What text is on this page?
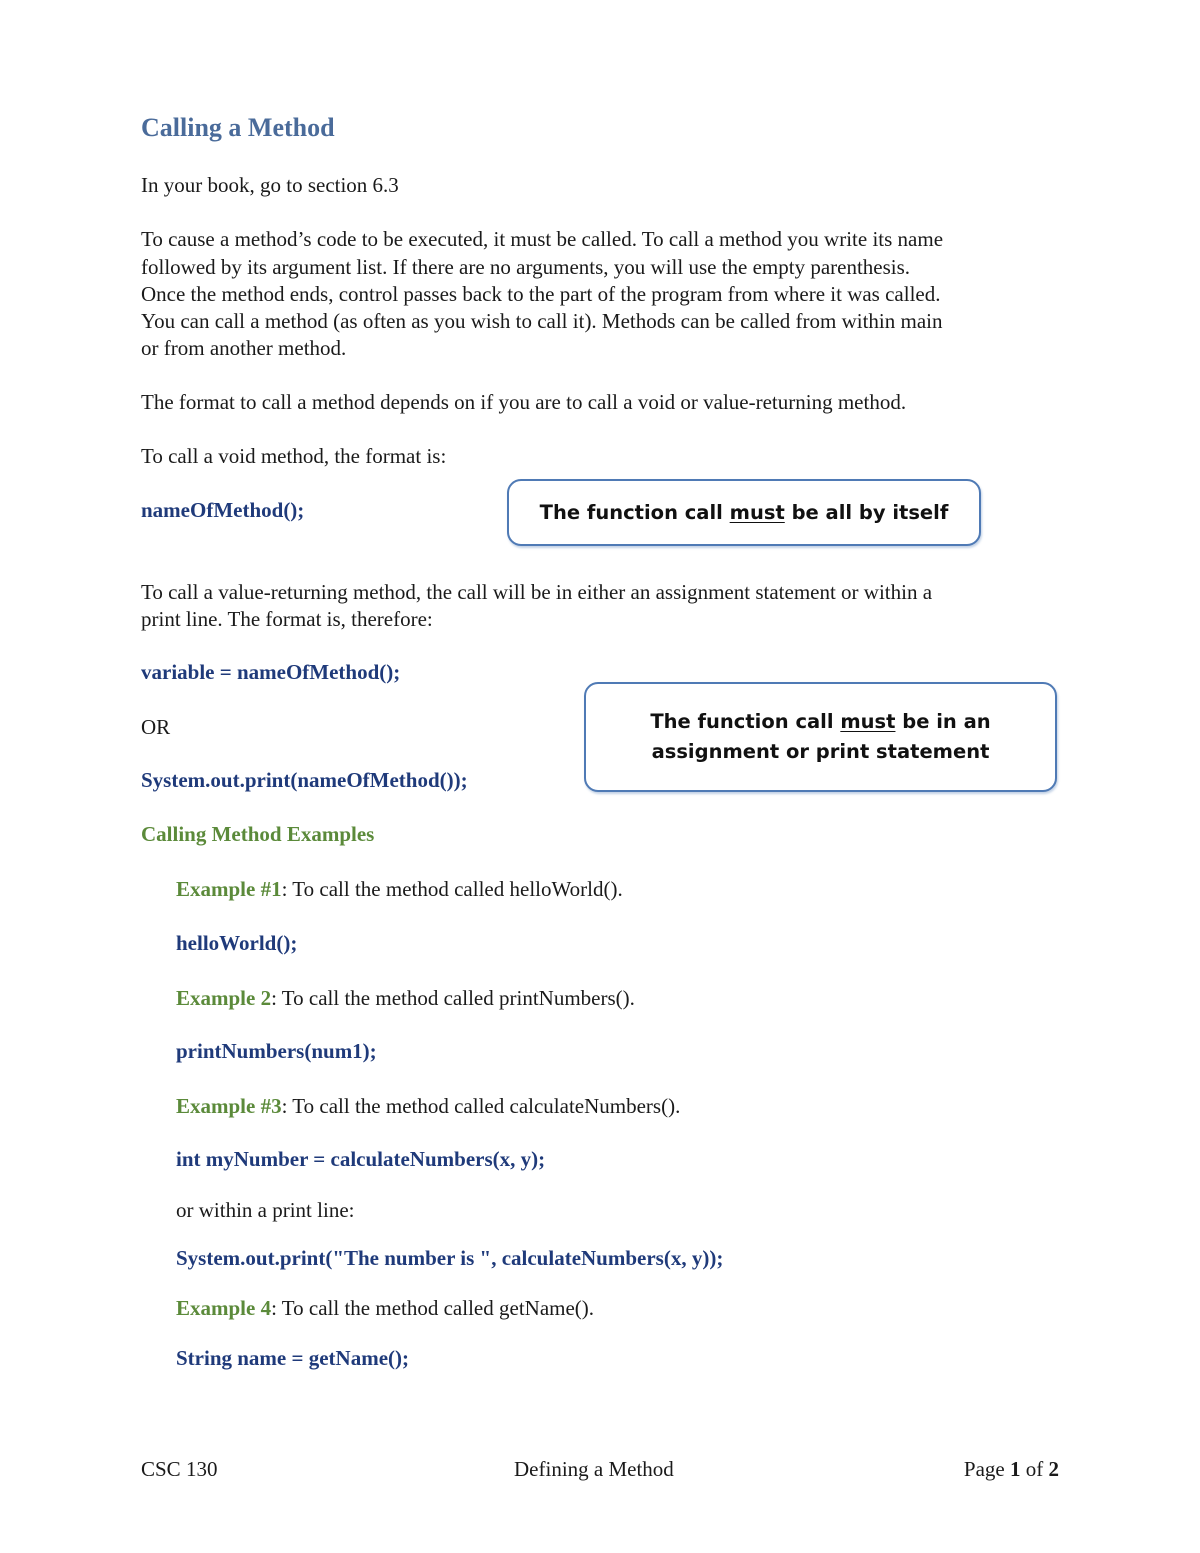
Calling a Method
In your book, go to section 6.3
To cause a method’s code to be executed, it must be called. To call a method you write its name
followed by its argument list. If there are no arguments, you will use the empty parenthesis.
Once the method ends, control passes back to the part of the program from where it was called.
You can call a method (as often as you wish to call it). Methods can be called from within main
or from another method.
The format to call a method depends on if you are to call a void or value-returning method.
To call a void method, the format is:
nameOfMethod();	The function call must be all by itself
To call a value-returning method, the call will be in either an assignment statement or within a
print line. The format is, therefore:
variable = nameOfMethod();
OR
System.out.print(nameOfMethod());
The function call must be in an
assignment or print statement
Calling Method Examples
Example #1: To call the method called helloWorld().
helloWorld();
Example 2: To call the method called printNumbers().
printNumbers(num1);
Example #3: To call the method called calculateNumbers().
int myNumber = calculateNumbers(x, y);
or within a print line:
System.out.print("The number is ", calculateNumbers(x, y));
Example 4: To call the method called getName().
String name = getName();
CSC 130	Defining a Method	Page 1 of 2
